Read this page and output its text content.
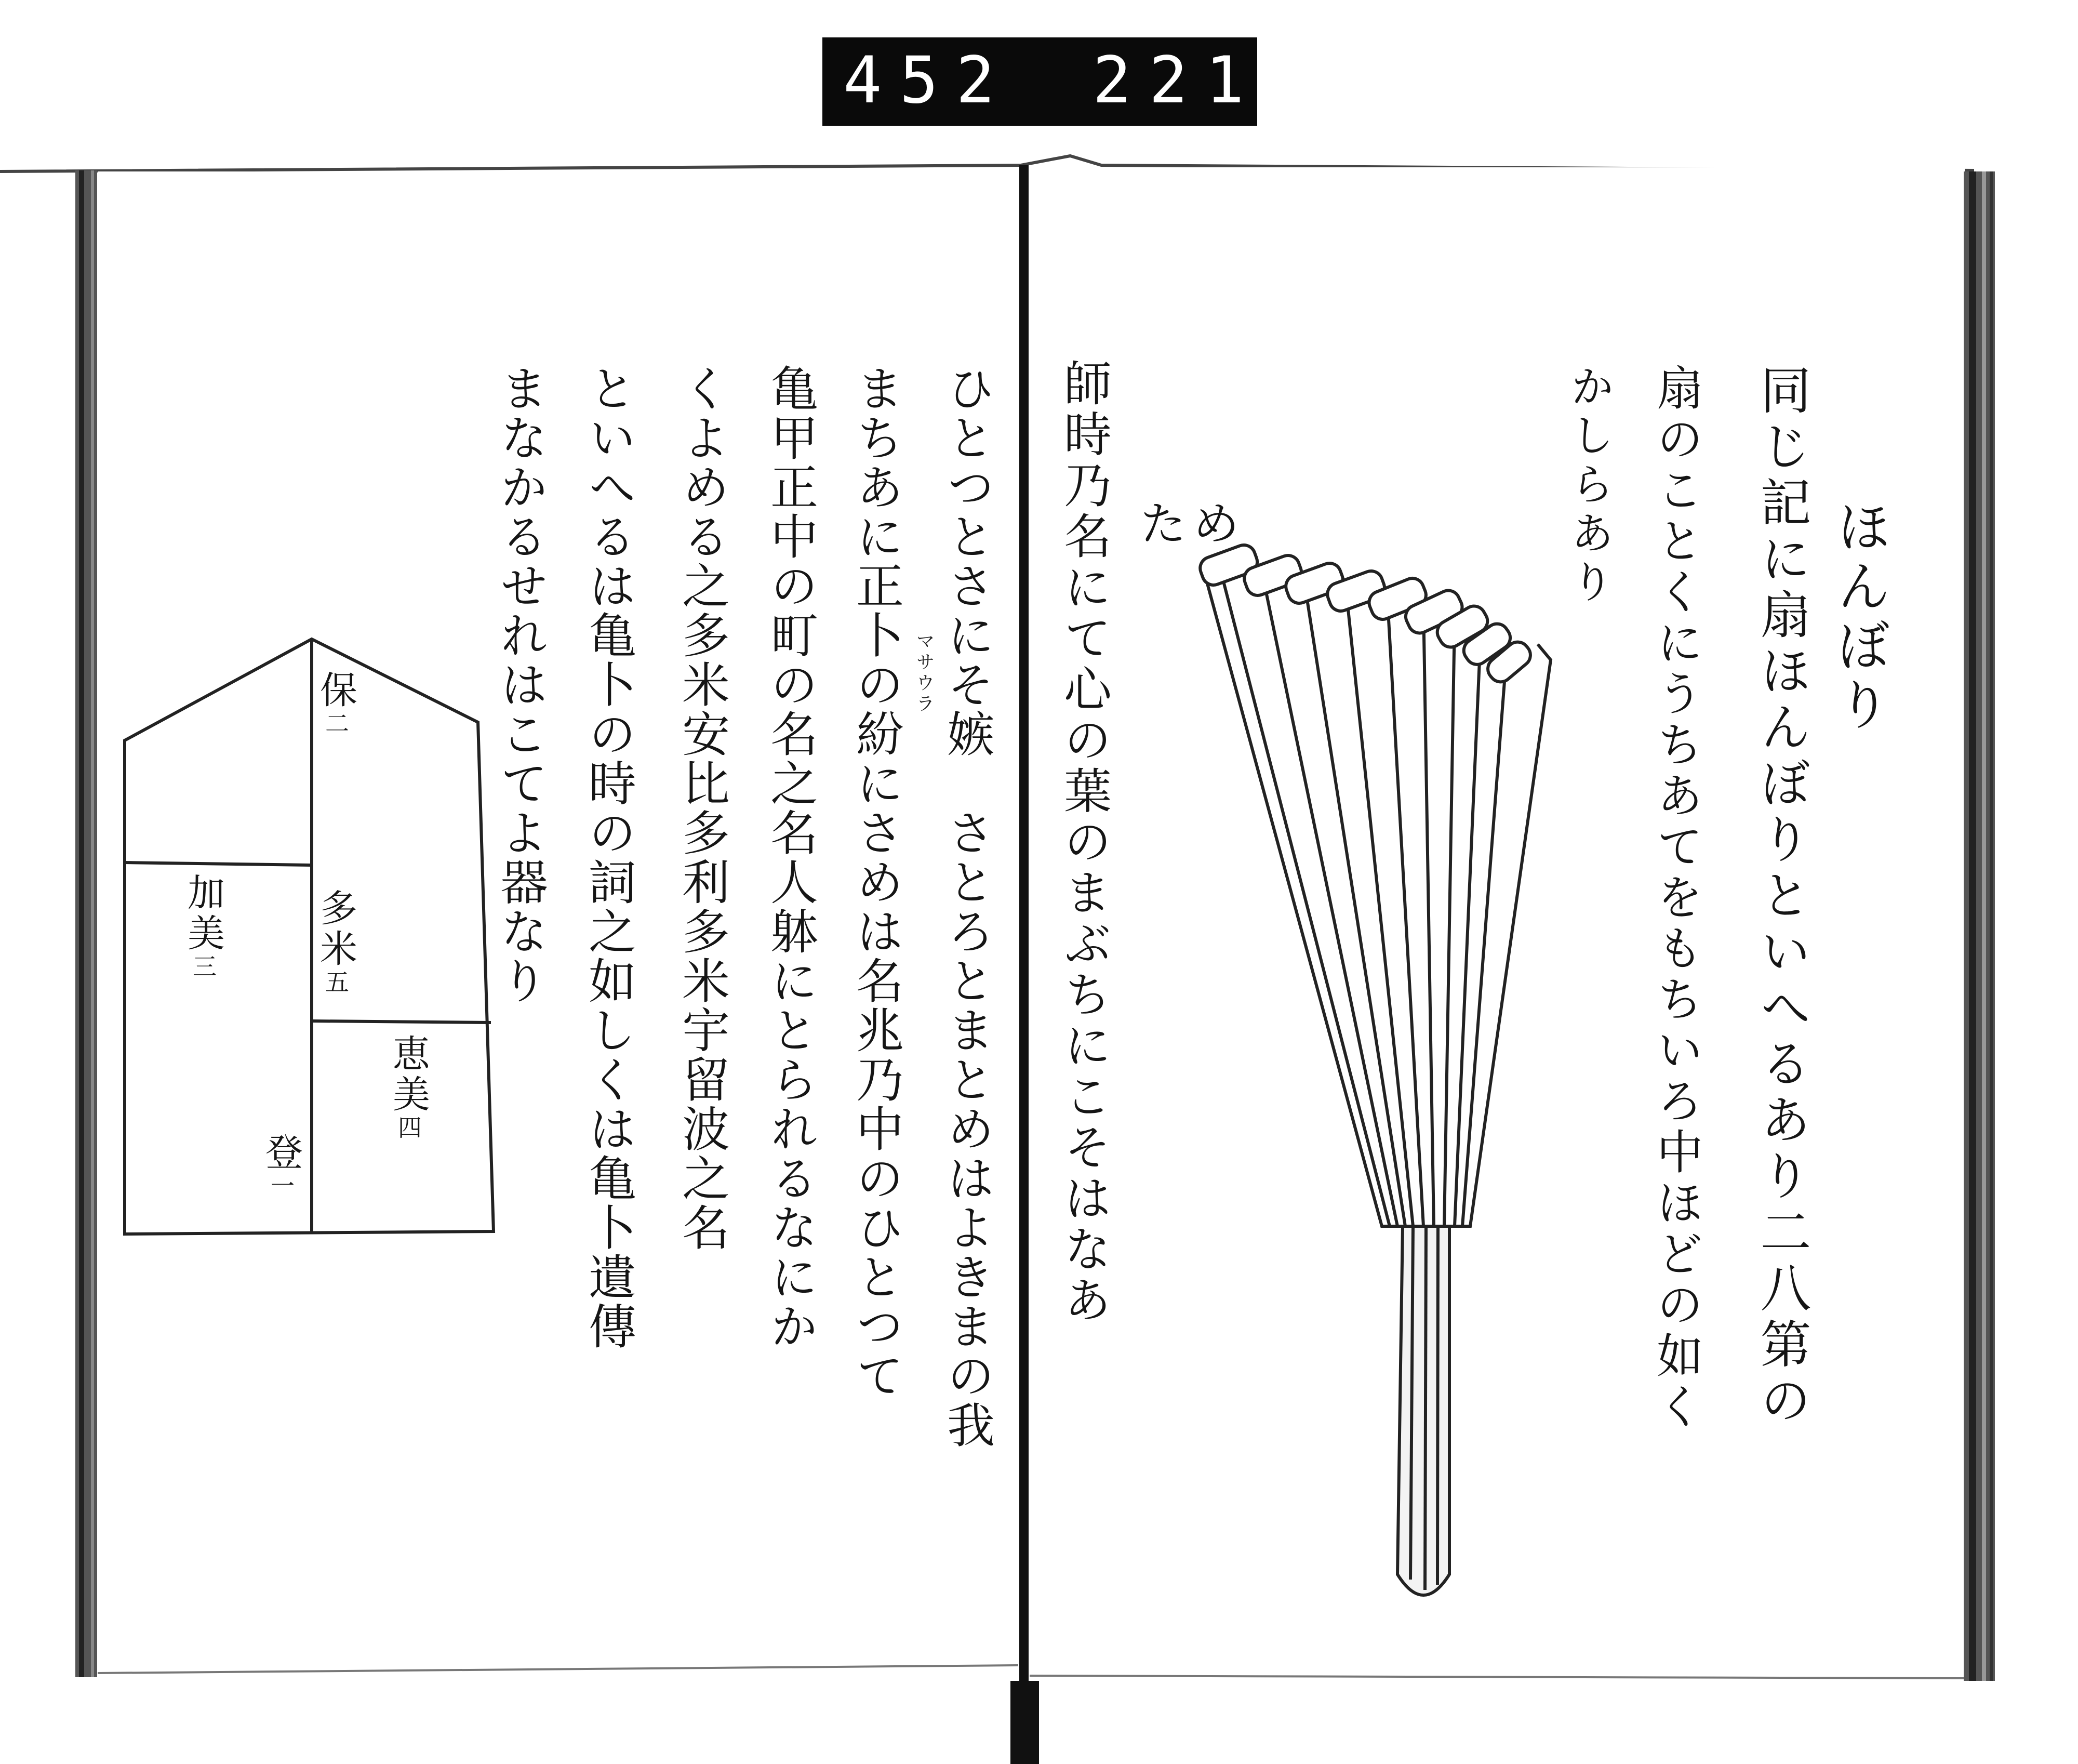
452 221.
ほんぼり
同じ記に扇ほんぼりといへるあり二八第の
扇のことくにうちあてをもちいろ中ほどの如く
かしらあり
ため
師時乃名にて心の葉のまぶちにこそはなあ
ひとつとさにそ嫉　さとろとまとめはよきまの我
まちあに正卜の紛にさめは名兆乃中のひとつて マサウラ
亀甲正中の町の名之名人躰にとられるなにか
くよめる之多米安比多利多米宇留波之名
といへるは亀卜の時の詞之如しくは亀卜遺傳
まなかるせれはこてよ器なり
保二
加美三	多米五
恵美四
登一
